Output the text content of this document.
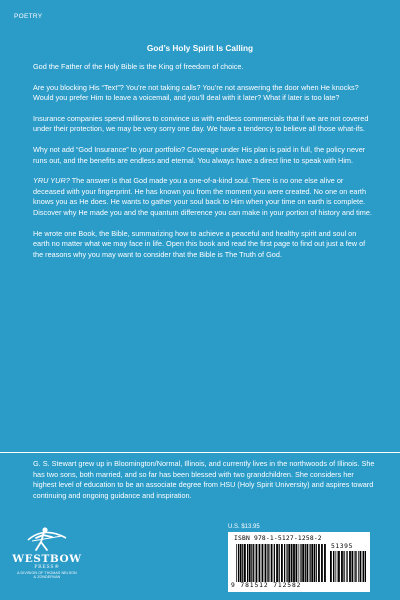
POETRY
God’s Holy Spirit Is Calling

God the Father of the Holy Bible is the King of freedom of choice.

Are you blocking His “Text”? You’re not taking calls? You’re not answering the door when He knocks? Would you prefer Him to leave a voicemail, and you’ll deal with it later? What if later is too late?

Insurance companies spend millions to convince us with endless commercials that if we are not covered under their protection, we may be very sorry one day. We have a tendency to believe all those what-ifs.

Why not add “God Insurance” to your portfolio? Coverage under His plan is paid in full, the policy never runs out, and the benefits are endless and eternal. You always have a direct line to speak with Him.

YRU YUR? The answer is that God made you a one-of-a-kind soul. There is no one else alive or deceased with your fingerprint. He has known you from the moment you were created. No one on earth knows you as He does. He wants to gather your soul back to Him when your time on earth is complete. Discover why He made you and the quantum difference you can make in your portion of history and time.

He wrote one Book, the Bible, summarizing how to achieve a peaceful and healthy spirit and soul on earth no matter what we may face in life. Open this book and read the first page to find out just a few of the reasons why you may want to consider that the Bible is The Truth of God.

G. S. Stewart grew up in Bloomington/Normal, Illinois, and currently lives in the northwoods of Illinois. She has two sons, both married, and so far has been blessed with two grandchildren. She considers her highest level of education to be an associate degree from HSU (Holy Spirit University) and aspires toward continuing and ongoing guidance and inspiration.
U.S. $13.95
ISBN 978-1-5127-1258-2
51395
9 781512 712582
WESTBOW
PRESS®
A DIVISION OF THOMAS NELSON
& ZONDERVAN
